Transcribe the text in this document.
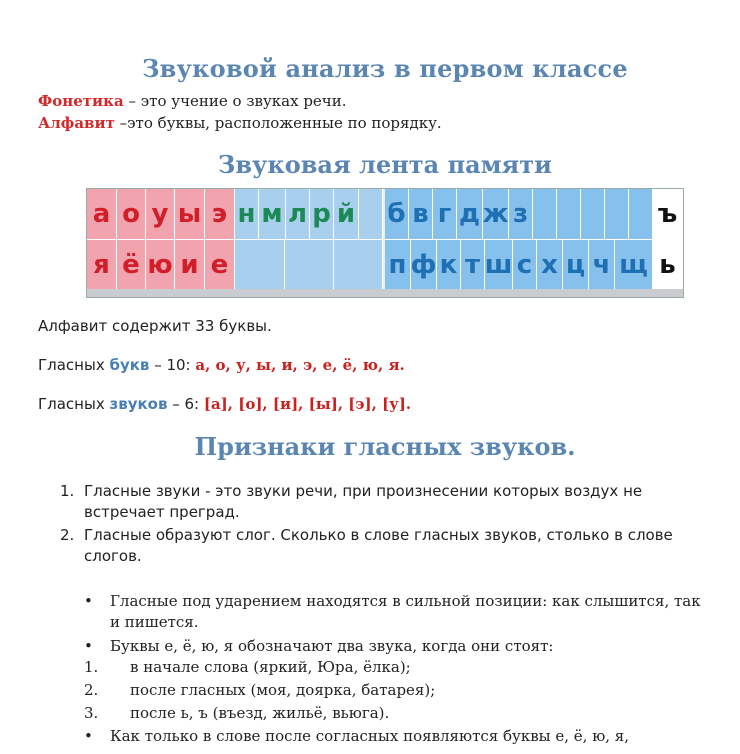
Звуковой анализ в первом классе
Фонетика – это учение о звуках речи.
Алфавит –это буквы, расположенные по порядку.
Звуковая лента памяти
а о у ы э н м л р й б в г д ж з	ъ
я ё ю и е	п ф к т ш с х ц ч щ ь
Алфавит содержит 33 буквы.
Гласных букв – 10: а, о, у, ы, и, э, е, ё, ю, я.
Гласных звуков – 6: [а], [о], [и], [ы], [э], [у].
Признаки гласных звуков.
1. Гласные звуки - это звуки речи, при произнесении которых воздух не
встречает преград.
2. Гласные образуют слог. Сколько в слове гласных звуков, столько в слове
слогов.
• Гласные под ударением находятся в сильной позиции: как слышится, так
и пишется.
• Буквы е, ё, ю, я обозначают два звука, когда они стоят:
1. в начале слова (яркий, Юра, ёлка);
2. после гласных (моя, доярка, батарея);
3. после ь, ъ (въезд, жильё, вьюга).
• Как только в слове после согласных появляются буквы е, ё, ю, я,
